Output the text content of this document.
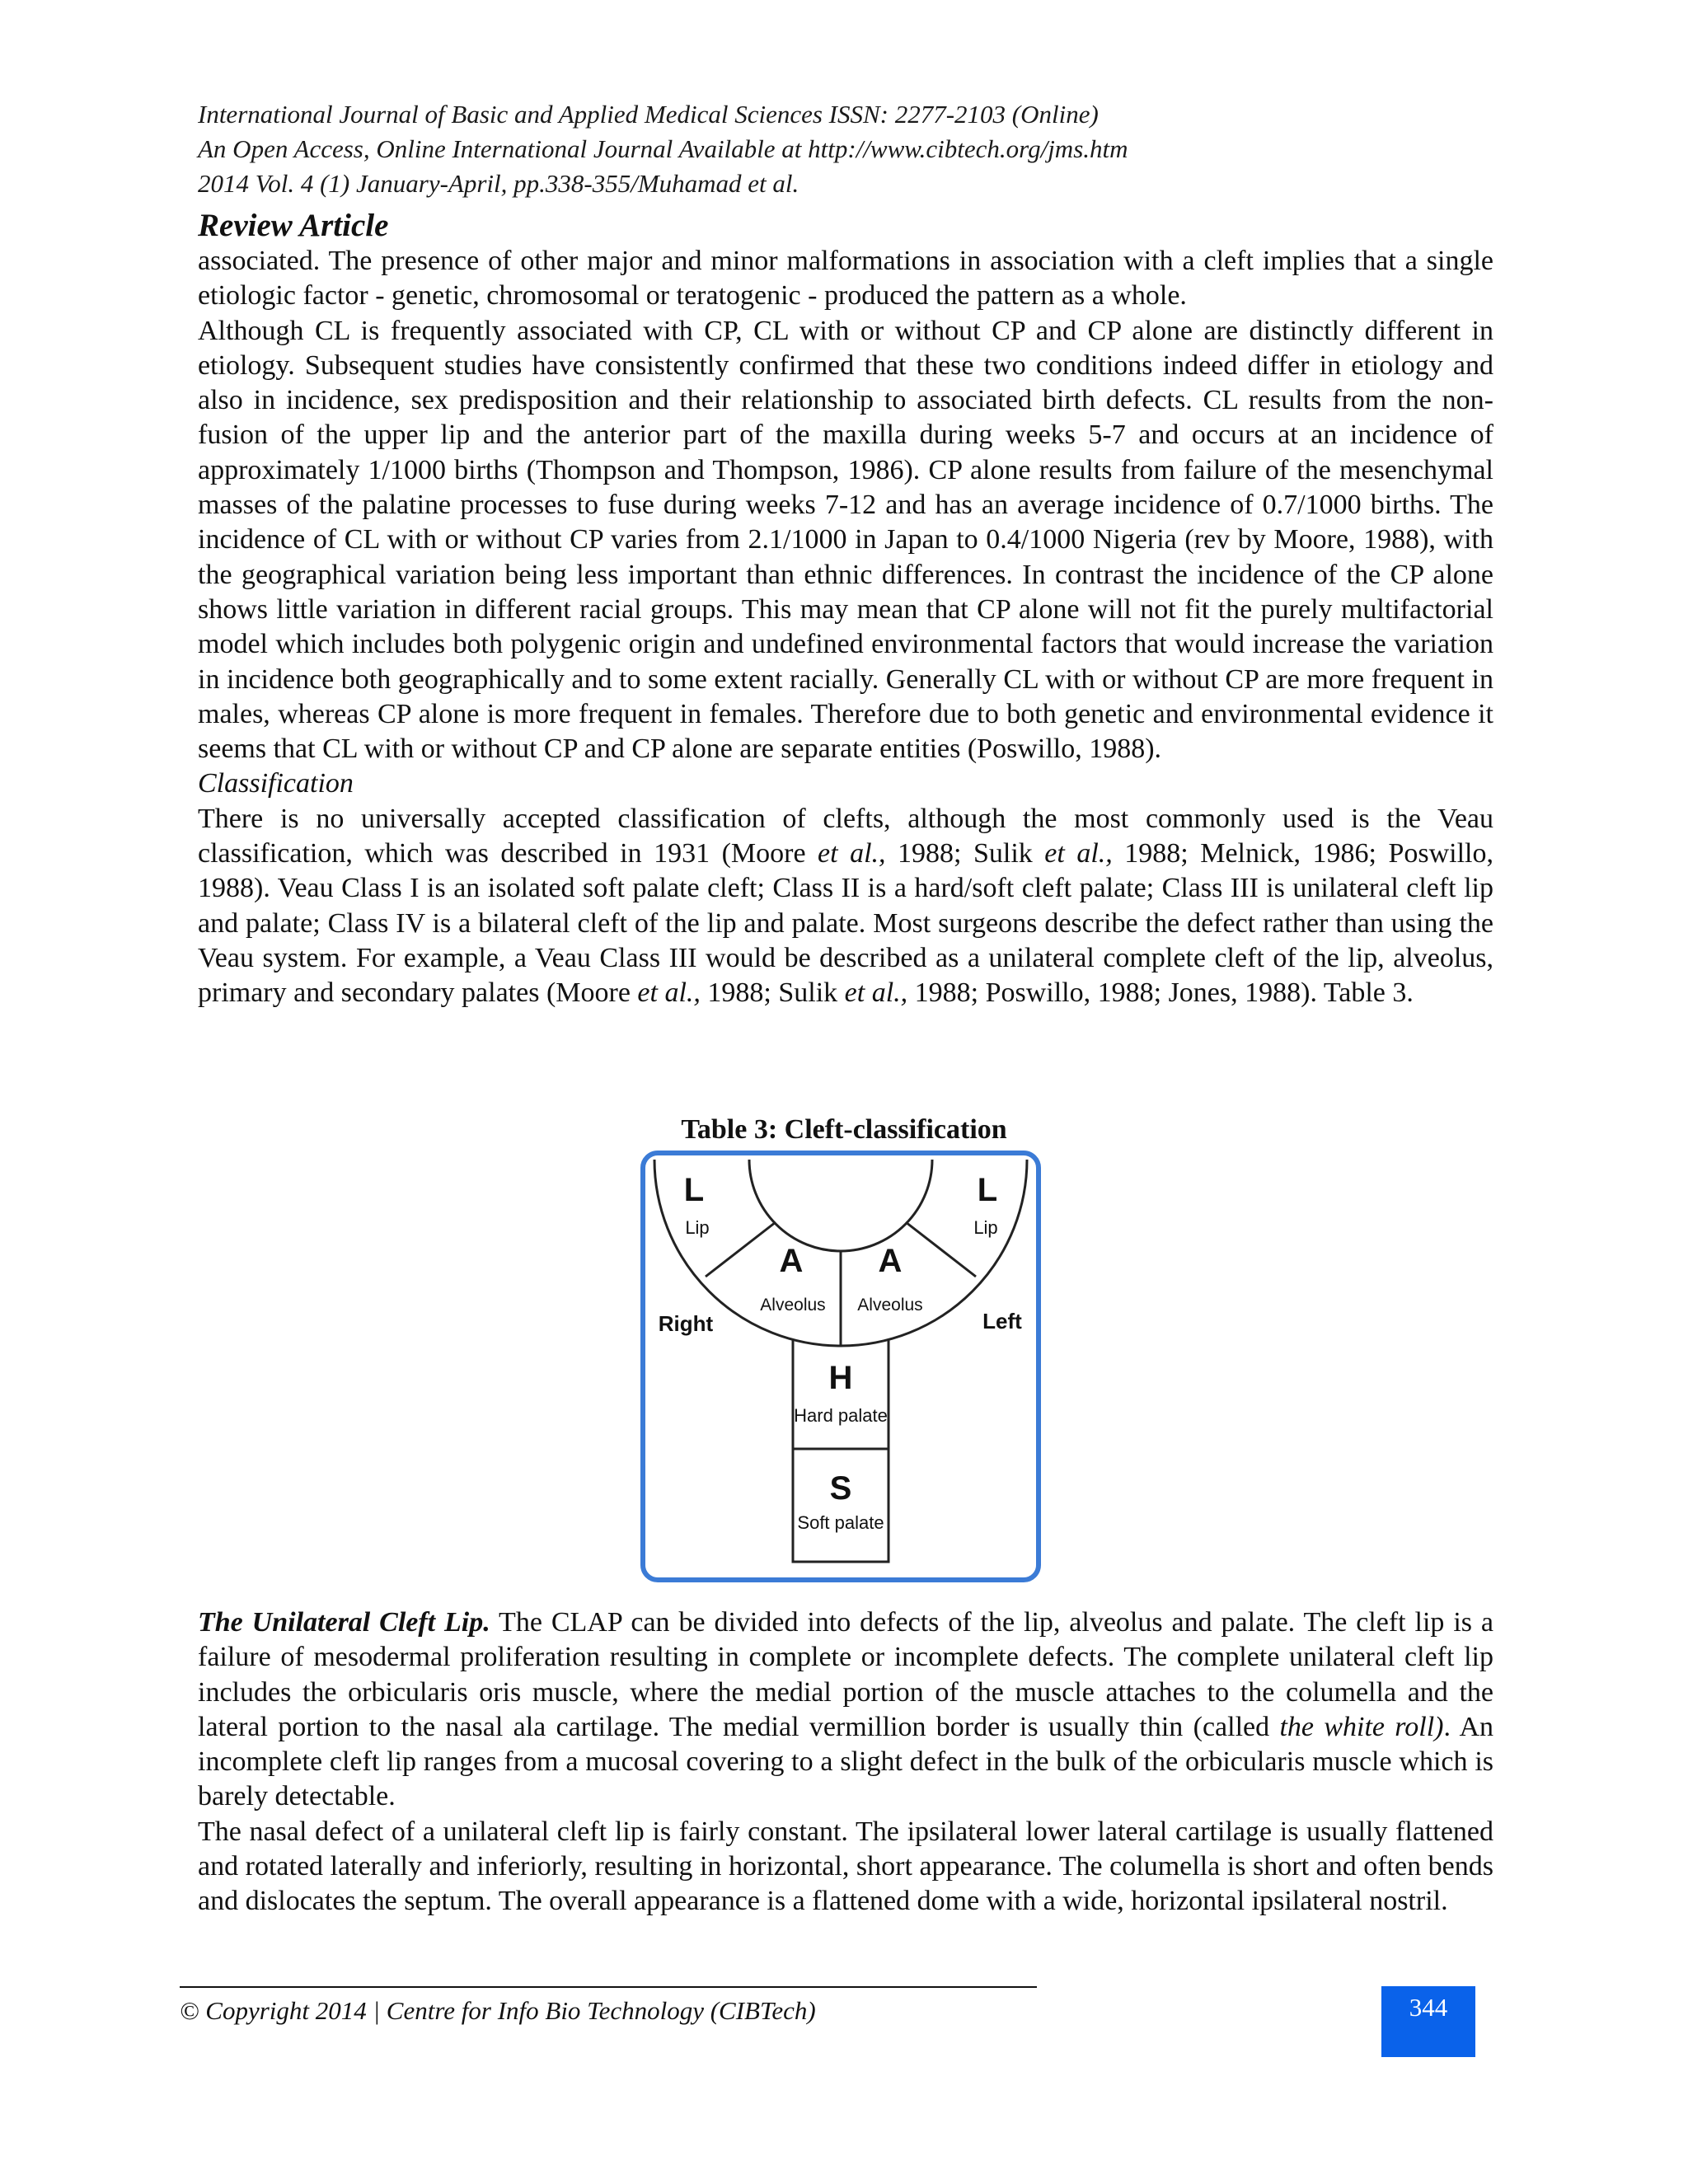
International Journal of Basic and Applied Medical Sciences ISSN: 2277-2103 (Online)
An Open Access, Online International Journal Available at http://www.cibtech.org/jms.htm
2014 Vol. 4 (1) January-April, pp.338-355/Muhamad et al.
Review Article

associated. The presence of other major and minor malformations in association with a cleft implies that a single etiologic factor - genetic, chromosomal or teratogenic - produced the pattern as a whole.

Although CL is frequently associated with CP, CL with or without CP and CP alone are distinctly different in etiology. Subsequent studies have consistently confirmed that these two conditions indeed differ in etiology and also in incidence, sex predisposition and their relationship to associated birth defects. CL results from the non-fusion of the upper lip and the anterior part of the maxilla during weeks 5-7 and occurs at an incidence of approximately 1/1000 births (Thompson and Thompson, 1986). CP alone results from failure of the mesenchymal masses of the palatine processes to fuse during weeks 7-12 and has an average incidence of 0.7/1000 births. The incidence of CL with or without CP varies from 2.1/1000 in Japan to 0.4/1000 Nigeria (rev by Moore, 1988), with the geographical variation being less important than ethnic differences. In contrast the incidence of the CP alone shows little variation in different racial groups. This may mean that CP alone will not fit the purely multifactorial model which includes both polygenic origin and undefined environmental factors that would increase the variation in incidence both geographically and to some extent racially. Generally CL with or without CP are more frequent in males, whereas CP alone is more frequent in females. Therefore due to both genetic and environmental evidence it seems that CL with or without CP and CP alone are separate entities (Poswillo, 1988).

Classification

There is no universally accepted classification of clefts, although the most commonly used is the Veau classification, which was described in 1931 (Moore et al., 1988; Sulik et al., 1988; Melnick, 1986; Poswillo, 1988). Veau Class I is an isolated soft palate cleft; Class II is a hard/soft cleft palate; Class III is unilateral cleft lip and palate; Class IV is a bilateral cleft of the lip and palate. Most surgeons describe the defect rather than using the Veau system. For example, a Veau Class III would be described as a unilateral complete cleft of the lip, alveolus, primary and secondary palates (Moore et al., 1988; Sulik et al., 1988; Poswillo, 1988; Jones, 1988). Table 3.

Table 3: Cleft-classification
L
Lip
L
Lip
A
Alveolus
A
Alveolus
Right	Left
H
Hard palate
S
Soft palate

The Unilateral Cleft Lip. The CLAP can be divided into defects of the lip, alveolus and palate. The cleft lip is a failure of mesodermal proliferation resulting in complete or incomplete defects. The complete unilateral cleft lip includes the orbicularis oris muscle, where the medial portion of the muscle attaches to the columella and the lateral portion to the nasal ala cartilage. The medial vermillion border is usually thin (called the white roll). An incomplete cleft lip ranges from a mucosal covering to a slight defect in the bulk of the orbicularis muscle which is barely detectable.

The nasal defect of a unilateral cleft lip is fairly constant. The ipsilateral lower lateral cartilage is usually flattened and rotated laterally and inferiorly, resulting in horizontal, short appearance. The columella is short and often bends and dislocates the septum. The overall appearance is a flattened dome with a wide, horizontal ipsilateral nostril.

© Copyright 2014 | Centre for Info Bio Technology (CIBTech)	344
